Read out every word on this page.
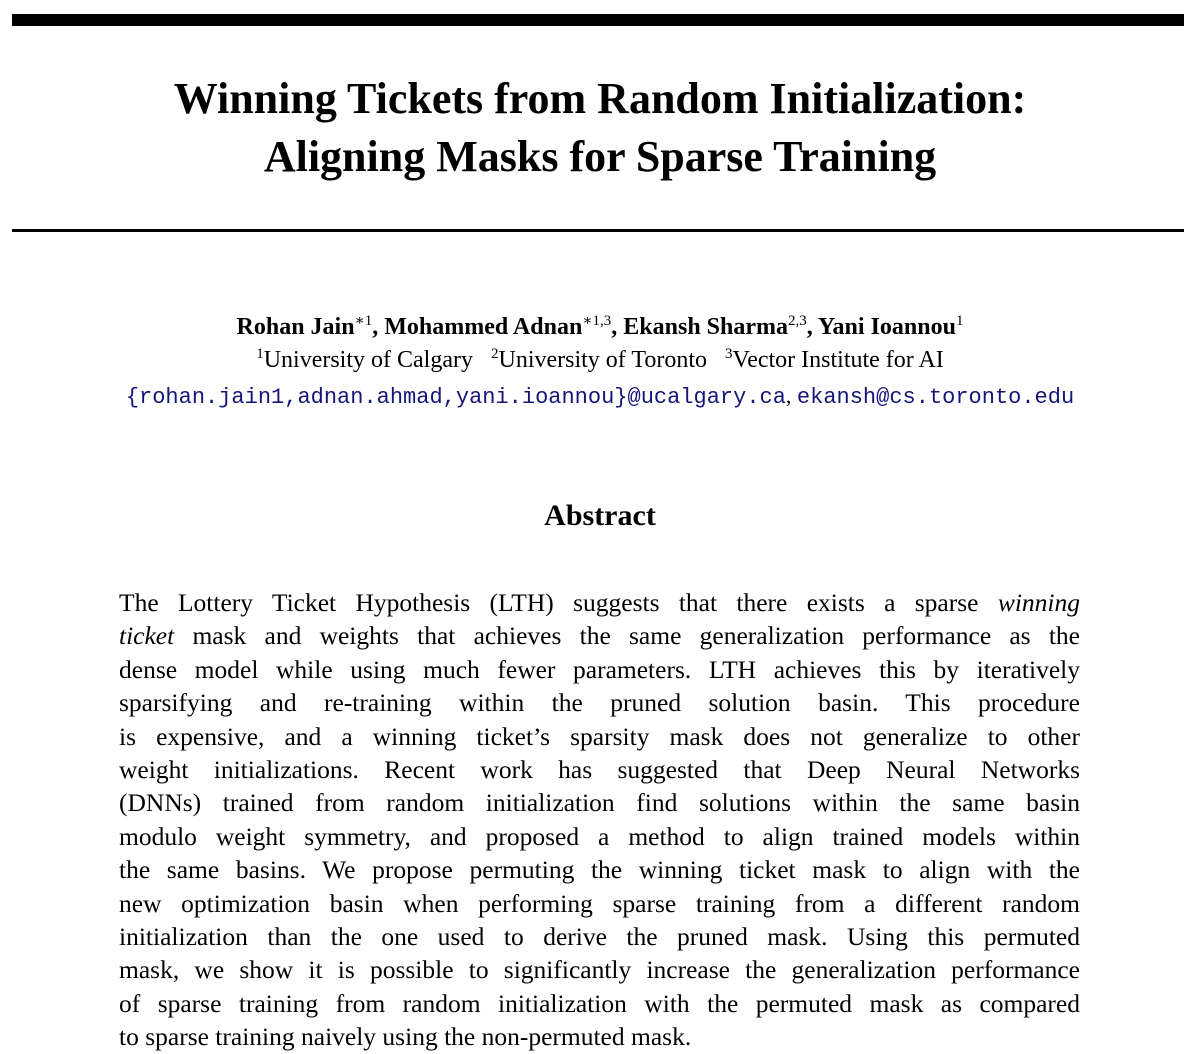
Winning Tickets from Random Initialization:
Aligning Masks for Sparse Training
Rohan Jain$^{∗1}$, Mohammed Adnan$^{∗1,3}$, Ekansh Sharma$^{2,3}$, Yani Ioannou$^1$
$^1$University of Calgary $^2$University of Toronto $^3$Vector Institute for AI
{rohan.jain1,adnan.ahmad,yani.ioannou}@ucalgary.ca, ekansh@cs.toronto.edu
Abstract
The Lottery Ticket Hypothesis (LTH) suggests that there exists a sparse winning
ticket mask and weights that achieves the same generalization performance as the
dense model while using much fewer parameters. LTH achieves this by iteratively
sparsifying and re-training within the pruned solution basin. This procedure
is expensive, and a winning ticket’s sparsity mask does not generalize to other
weight initializations. Recent work has suggested that Deep Neural Networks
(DNNs) trained from random initialization find solutions within the same basin
modulo weight symmetry, and proposed a method to align trained models within
the same basins. We propose permuting the winning ticket mask to align with the
new optimization basin when performing sparse training from a different random
initialization than the one used to derive the pruned mask. Using this permuted
mask, we show it is possible to significantly increase the generalization performance
of sparse training from random initialization with the permuted mask as compared
to sparse training naively using the non-permuted mask.
